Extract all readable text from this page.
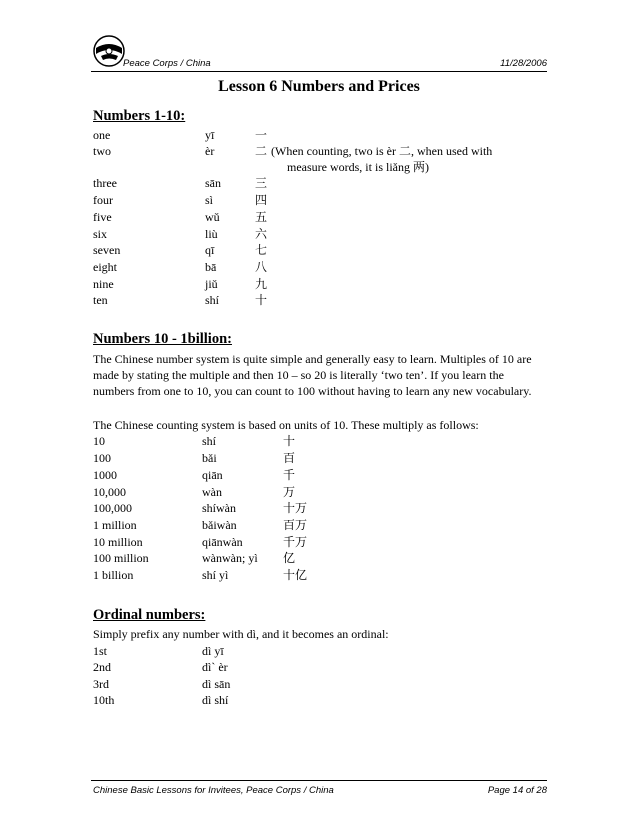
Peace Corps / China	11/28/2006
Lesson 6 Numbers and Prices
Numbers 1-10:
one	yī	一
two	èr	二 (When counting, two is èr 二, when used with
measure words, it is liǎng 两)
three	sān	三
four	sì	四
five	wǔ	五
six	liù	六
seven	qī	七
eight	bā	八
nine	jiǔ	九
ten	shí	十
Numbers 10 - 1billion:
The Chinese number system is quite simple and generally easy to learn. Multiples of 10 are made by stating the multiple and then 10 – so 20 is literally ‘two ten’. If you learn the numbers from one to 10, you can count to 100 without having to learn any new vocabulary.
The Chinese counting system is based on units of 10. These multiply as follows:
10	shí	十
100	bǎi	百
1000	qiān	千
10,000	wàn	万
100,000	shíwàn	十万
1 million	bǎiwàn	百万
10 million	qiānwàn	千万
100 million	wànwàn; yì 亿
1 billion	shí yì	十亿
Ordinal numbers:
Simply prefix any number with dì, and it becomes an ordinal:
1st	dì yī
2nd	dì` èr
3rd	dì sān
10th	dì shí
Chinese Basic Lessons for Invitees, Peace Corps / China	Page 14 of 28
